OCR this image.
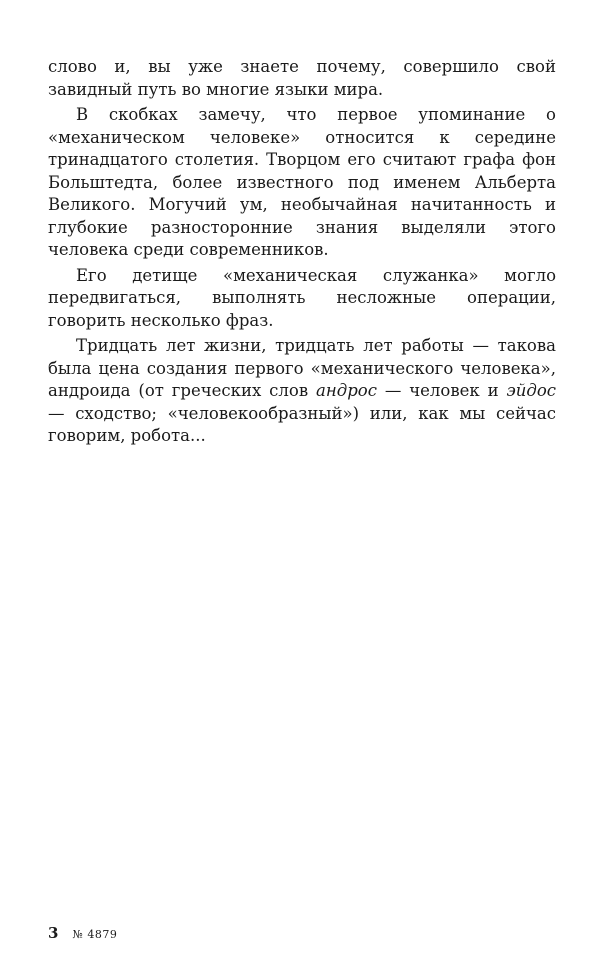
слово и, вы уже знаете почему, совершило свой завидный путь во многие языки мира.

В скобках замечу, что первое упоминание о «механическом человеке» относится к середине тринадцатого столетия. Творцом его считают графа фон Больштедта, более известного под именем Альберта Великого. Могучий ум, необычайная начитанность и глубокие разносторонние знания выделяли этого человека среди современников.

Его детище «механическая служанка» могло передвигаться, выполнять несложные операции, говорить несколько фраз.

Тридцать лет жизни, тридцать лет работы — такова была цена создания первого «механического человека», андроида (от греческих слов андрос — человек и эйдос — сходство; «человекообразный») или, как мы сейчас говорим, робота...

3 № 4879
